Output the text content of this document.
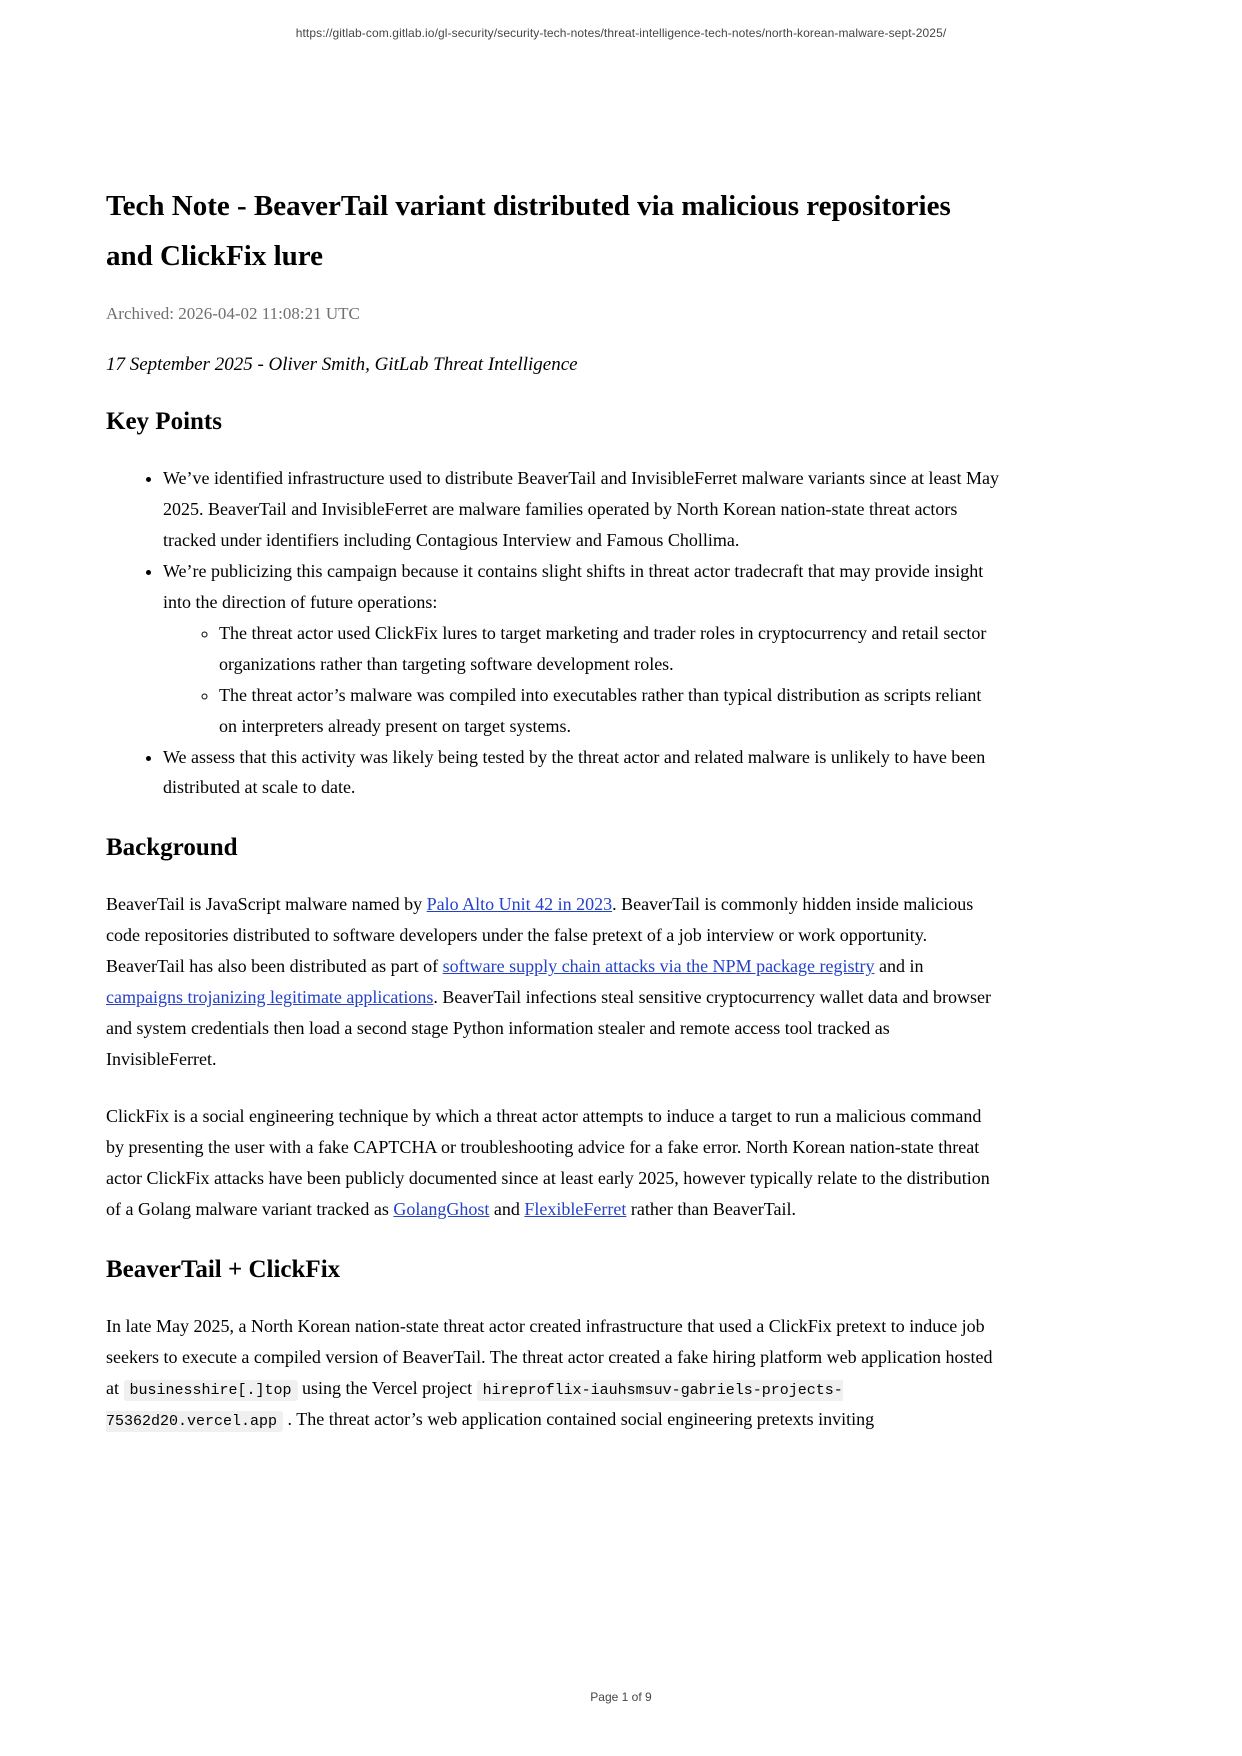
https://gitlab-com.gitlab.io/gl-security/security-tech-notes/threat-intelligence-tech-notes/north-korean-malware-sept-2025/
Tech Note - BeaverTail variant distributed via malicious repositories and ClickFix lure
Archived: 2026-04-02 11:08:21 UTC
17 September 2025 - Oliver Smith, GitLab Threat Intelligence
Key Points
• We’ve identified infrastructure used to distribute BeaverTail and InvisibleFerret malware variants since at least May 2025. BeaverTail and InvisibleFerret are malware families operated by North Korean nation-state threat actors tracked under identifiers including Contagious Interview and Famous Chollima.
• We’re publicizing this campaign because it contains slight shifts in threat actor tradecraft that may provide insight into the direction of future operations:
◦ The threat actor used ClickFix lures to target marketing and trader roles in cryptocurrency and retail sector organizations rather than targeting software development roles.
◦ The threat actor’s malware was compiled into executables rather than typical distribution as scripts reliant on interpreters already present on target systems.
• We assess that this activity was likely being tested by the threat actor and related malware is unlikely to have been distributed at scale to date.
Background

BeaverTail is JavaScript malware named by Palo Alto Unit 42 in 2023. BeaverTail is commonly hidden inside malicious code repositories distributed to software developers under the false pretext of a job interview or work opportunity. BeaverTail has also been distributed as part of software supply chain attacks via the NPM package registry and in campaigns trojanizing legitimate applications. BeaverTail infections steal sensitive cryptocurrency wallet data and browser and system credentials then load a second stage Python information stealer and remote access tool tracked as InvisibleFerret.

ClickFix is a social engineering technique by which a threat actor attempts to induce a target to run a malicious command by presenting the user with a fake CAPTCHA or troubleshooting advice for a fake error. North Korean nation-state threat actor ClickFix attacks have been publicly documented since at least early 2025, however typically relate to the distribution of a Golang malware variant tracked as GolangGhost and FlexibleFerret rather than BeaverTail.

BeaverTail + ClickFix

In late May 2025, a North Korean nation-state threat actor created infrastructure that used a ClickFix pretext to induce job seekers to execute a compiled version of BeaverTail. The threat actor created a fake hiring platform web application hosted at businesshire[.]top using the Vercel project hireproflix-iauhsmsuv-gabriels-projects-75362d20.vercel.app . The threat actor’s web application contained social engineering pretexts inviting

Page 1 of 9
